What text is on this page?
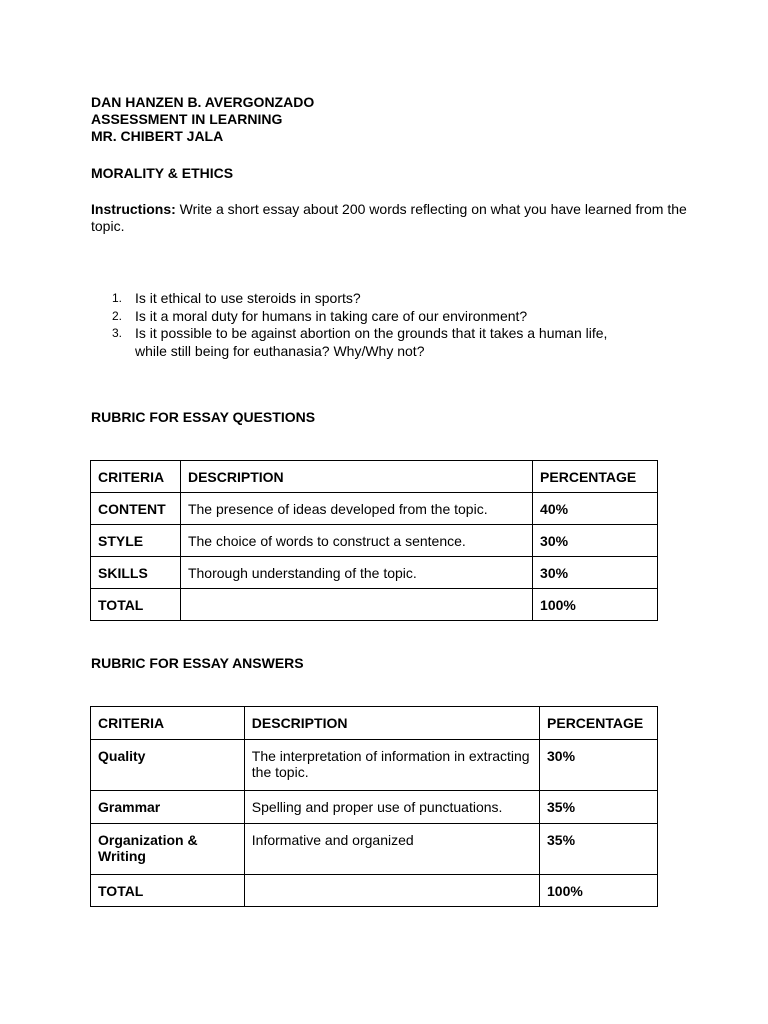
DAN HANZEN B. AVERGONZADO
ASSESSMENT IN LEARNING
MR. CHIBERT JALA
MORALITY & ETHICS
Instructions: Write a short essay about 200 words reflecting on what you have learned from the topic.
1. Is it ethical to use steroids in sports?
2. Is it a moral duty for humans in taking care of our environment?
3. Is it possible to be against abortion on the grounds that it takes a human life,
while still being for euthanasia? Why/Why not?
RUBRIC FOR ESSAY QUESTIONS
CRITERIA	DESCRIPTION	PERCENTAGE
CONTENT	The presence of ideas developed from the topic.	40%
STYLE	The choice of words to construct a sentence.	30%
SKILLS	Thorough understanding of the topic.	30%
TOTAL		100%
RUBRIC FOR ESSAY ANSWERS
CRITERIA	DESCRIPTION	PERCENTAGE
Quality	The interpretation of information in extracting the topic.	30%
Grammar	Spelling and proper use of punctuations.	35%
Organization & Writing	Informative and organized	35%
TOTAL		100%
